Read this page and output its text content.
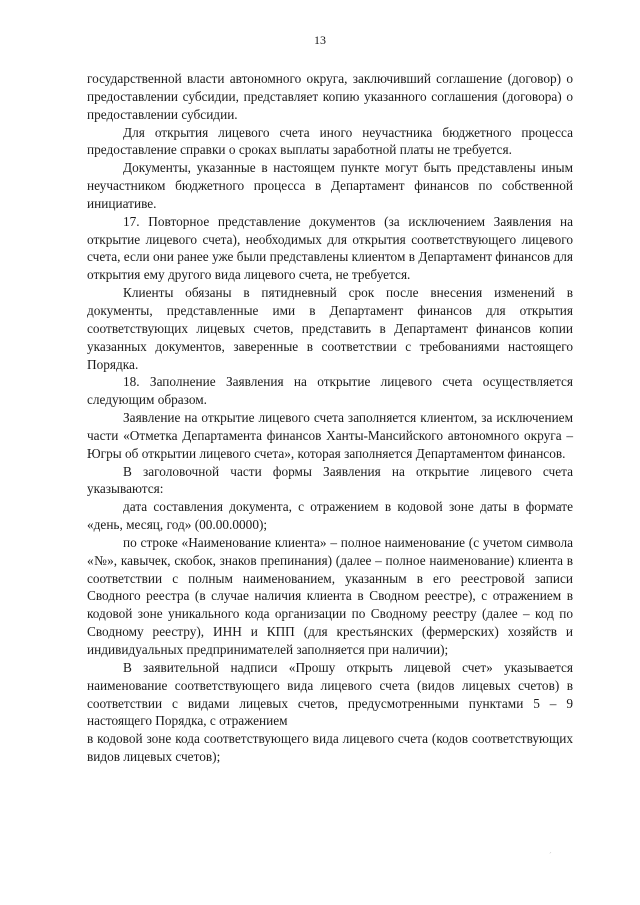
13

государственной власти автономного округа, заключивший соглашение (договор) о предоставлении субсидии, представляет копию указанного соглашения (договора) о предоставлении субсидии.

Для открытия лицевого счета иного неучастника бюджетного процесса предоставление справки о сроках выплаты заработной платы не требуется.

Документы, указанные в настоящем пункте могут быть представлены иным неучастником бюджетного процесса в Департамент финансов по собственной инициативе.

17. Повторное представление документов (за исключением Заявления на открытие лицевого счета), необходимых для открытия соответствующего лицевого счета, если они ранее уже были представлены клиентом в Департамент финансов для открытия ему другого вида лицевого счета, не требуется.

Клиенты обязаны в пятидневный срок после внесения изменений в документы, представленные ими в Департамент финансов для открытия соответствующих лицевых счетов, представить в Департамент финансов копии указанных документов, заверенные в соответствии с требованиями настоящего Порядка.

18. Заполнение Заявления на открытие лицевого счета осуществляется следующим образом.

Заявление на открытие лицевого счета заполняется клиентом, за исключением части «Отметка Департамента финансов Ханты-Мансийского автономного округа – Югры об открытии лицевого счета», которая заполняется Департаментом финансов.

В заголовочной части формы Заявления на открытие лицевого счета указываются:

дата составления документа, с отражением в кодовой зоне даты в формате «день, месяц, год» (00.00.0000);

по строке «Наименование клиента» – полное наименование (с учетом символа «№», кавычек, скобок, знаков препинания) (далее – полное наименование) клиента в соответствии с полным наименованием, указанным в его реестровой записи Сводного реестра (в случае наличия клиента в Сводном реестре), с отражением в кодовой зоне уникального кода организации по Сводному реестру (далее – код по Сводному реестру), ИНН и КПП (для крестьянских (фермерских) хозяйств и индивидуальных предпринимателей заполняется при наличии);

В заявительной надписи «Прошу открыть лицевой счет» указывается наименование соответствующего вида лицевого счета (видов лицевых счетов) в соответствии с видами лицевых счетов, предусмотренными пунктами 5 – 9 настоящего Порядка, с отражением

в кодовой зоне кода соответствующего вида лицевого счета (кодов соответствующих видов лицевых счетов);

´
